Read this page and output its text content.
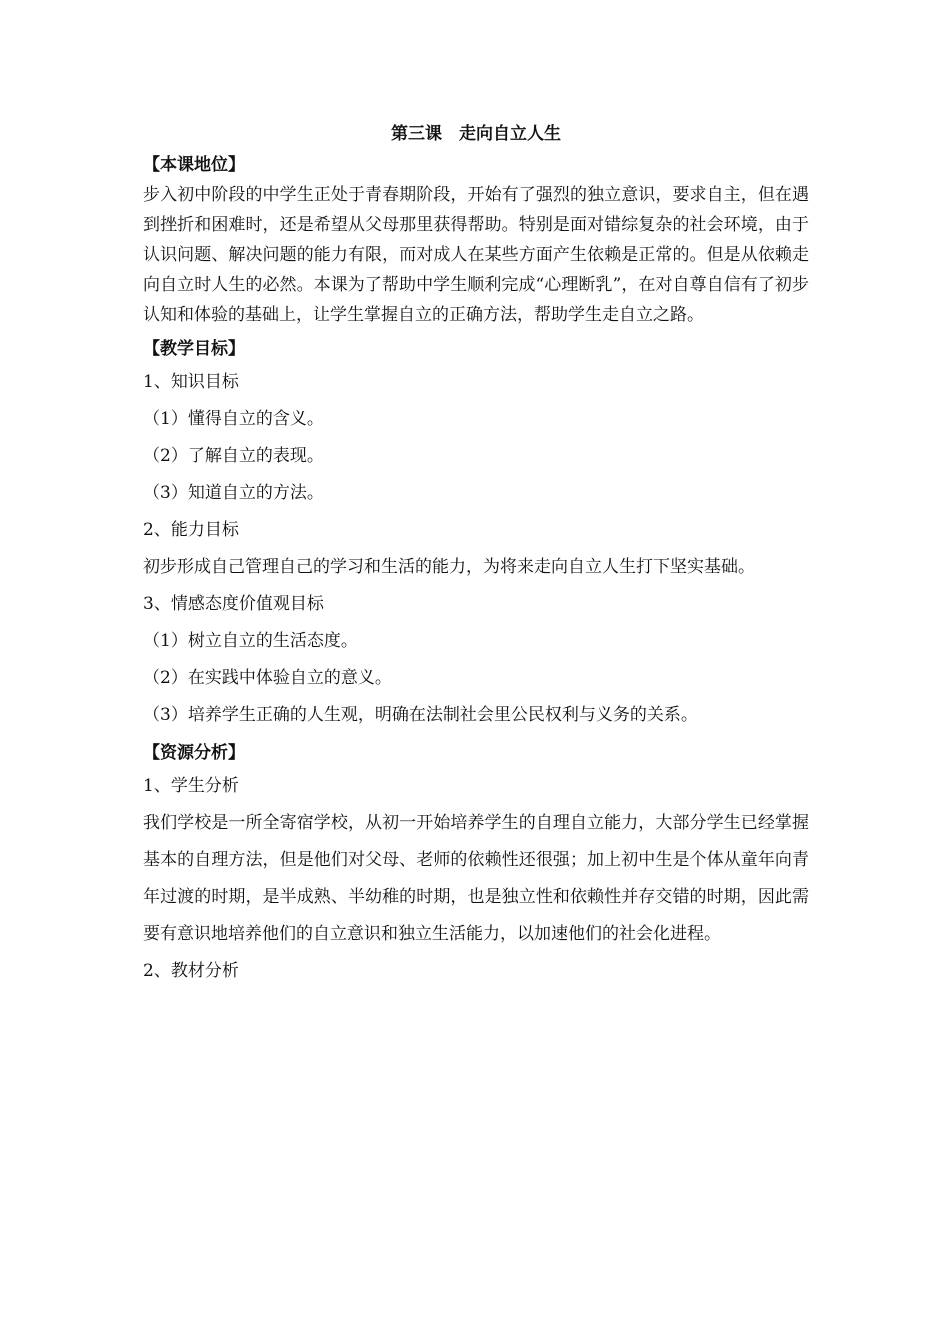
第三课　走向自立人生
【本课地位】

步入初中阶段的中学生正处于青春期阶段，开始有了强烈的独立意识，要求自主，但在遇到挫折和困难时，还是希望从父母那里获得帮助。特别是面对错综复杂的社会环境，由于认识问题、解决问题的能力有限，而对成人在某些方面产生依赖是正常的。但是从依赖走向自立时人生的必然。本课为了帮助中学生顺利完成“心理断乳”，在对自尊自信有了初步认知和体验的基础上，让学生掌握自立的正确方法，帮助学生走自立之路。

【教学目标】
1、知识目标
（1）懂得自立的含义。
（2）了解自立的表现。
（3）知道自立的方法。
2、能力目标

初步形成自己管理自己的学习和生活的能力，为将来走向自立人生打下坚实基础。

3、情感态度价值观目标
（1）树立自立的生活态度。
（2）在实践中体验自立的意义。
（3）培养学生正确的人生观，明确在法制社会里公民权利与义务的关系。
【资源分析】
1、学生分析

我们学校是一所全寄宿学校，从初一开始培养学生的自理自立能力，大部分学生已经掌握基本的自理方法，但是他们对父母、老师的依赖性还很强；加上初中生是个体从童年向青年过渡的时期，是半成熟、半幼稚的时期，也是独立性和依赖性并存交错的时期，因此需要有意识地培养他们的自立意识和独立生活能力，以加速他们的社会化进程。

2、教材分析
